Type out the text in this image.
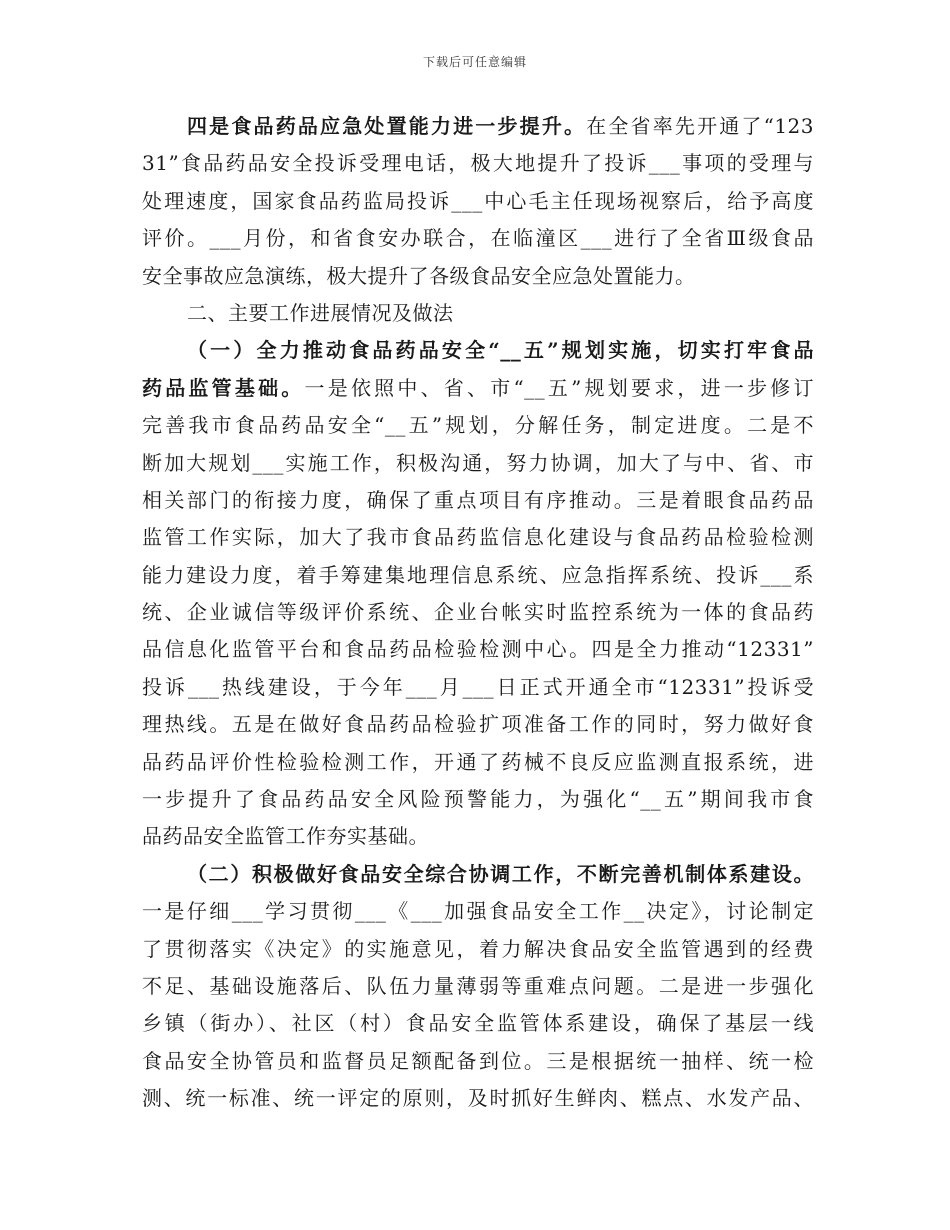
下载后可任意编辑
四是食品药品应急处置能力进一步提升。在全省率先开通了“123
31”食品药品安全投诉受理电话，极大地提升了投诉___事项的受理与
处理速度，国家食品药监局投诉___中心毛主任现场视察后，给予高度
评价。___月份，和省食安办联合，在临潼区___进行了全省Ⅲ级食品
安全事故应急演练，极大提升了各级食品安全应急处置能力。
二、主要工作进展情况及做法
（一）全力推动食品药品安全“__五”规划实施，切实打牢食品
药品监管基础。一是依照中、省、市“__五”规划要求，进一步修订
完善我市食品药品安全“__五”规划，分解任务，制定进度。二是不
断加大规划___实施工作，积极沟通，努力协调，加大了与中、省、市
相关部门的衔接力度，确保了重点项目有序推动。三是着眼食品药品
监管工作实际，加大了我市食品药监信息化建设与食品药品检验检测
能力建设力度，着手筹建集地理信息系统、应急指挥系统、投诉___系
统、企业诚信等级评价系统、企业台帐实时监控系统为一体的食品药
品信息化监管平台和食品药品检验检测中心。四是全力推动“12331”
投诉___热线建设，于今年___月___日正式开通全市“12331”投诉受
理热线。五是在做好食品药品检验扩项准备工作的同时，努力做好食
品药品评价性检验检测工作，开通了药械不良反应监测直报系统，进
一步提升了食品药品安全风险预警能力，为强化“__五”期间我市食
品药品安全监管工作夯实基础。
（二）积极做好食品安全综合协调工作，不断完善机制体系建设。
一是仔细___学习贯彻___《___加强食品安全工作__决定》，讨论制定
了贯彻落实《决定》的实施意见，着力解决食品安全监管遇到的经费
不足、基础设施落后、队伍力量薄弱等重难点问题。二是进一步强化
乡镇（街办）、社区（村）食品安全监管体系建设，确保了基层一线
食品安全协管员和监督员足额配备到位。三是根据统一抽样、统一检
测、统一标准、统一评定的原则，及时抓好生鲜肉、糕点、水发产品、
